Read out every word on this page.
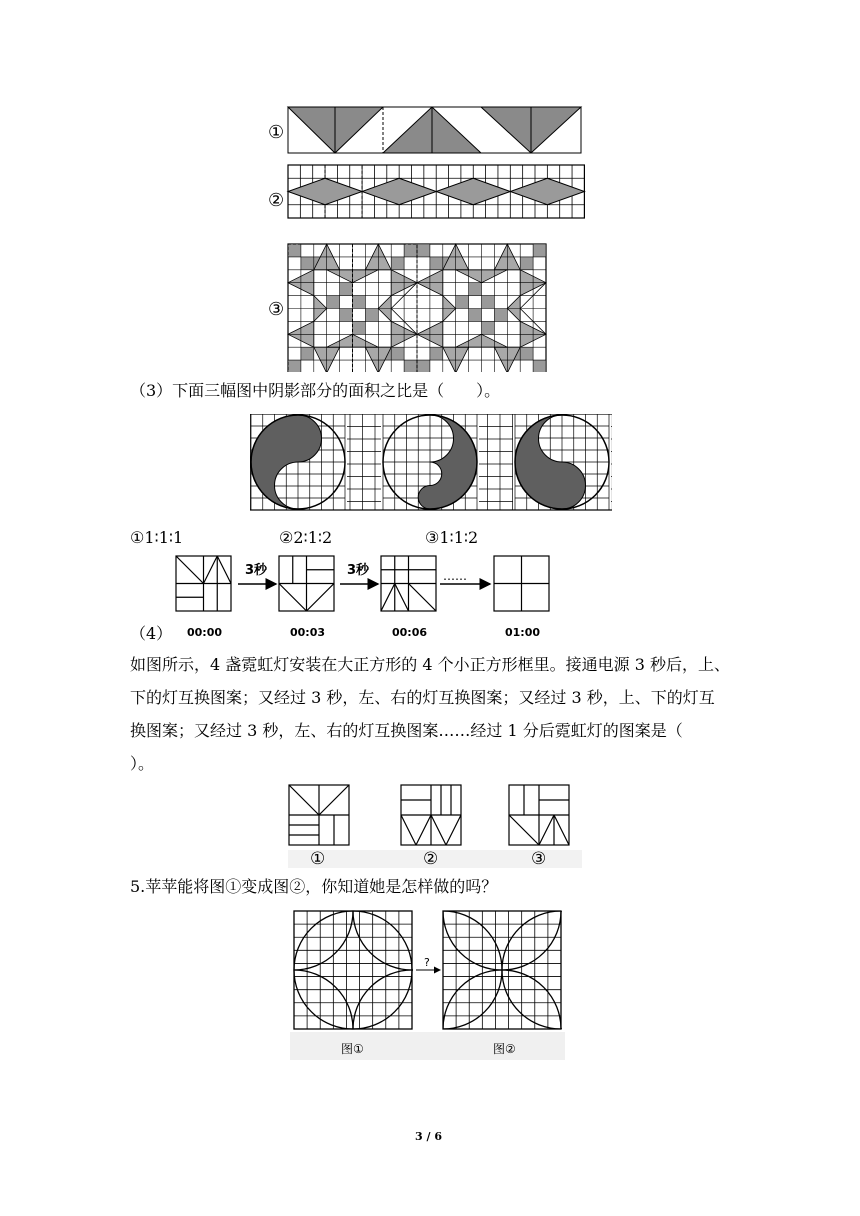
①
②
③
（3）下面三幅图中阴影部分的面积之比是（　　）。
①1∶1∶1	②2∶1∶2	③1∶1∶2
（4）
3秒	3秒	……
00:00	00:03	00:06	01:00
如图所示，4 盏霓虹灯安装在大正方形的 4 个小正方形框里。接通电源 3 秒后，上、下的灯互换图案；又经过 3 秒，左、右的灯互换图案；又经过 3 秒，上、下的灯互换图案；又经过 3 秒，左、右的灯互换图案……经过 1 分后霓虹灯的图案是（　　）。
①	②	③
5.苹苹能将图①变成图②，你知道她是怎样做的吗？
?
图①	图②
3 / 6
